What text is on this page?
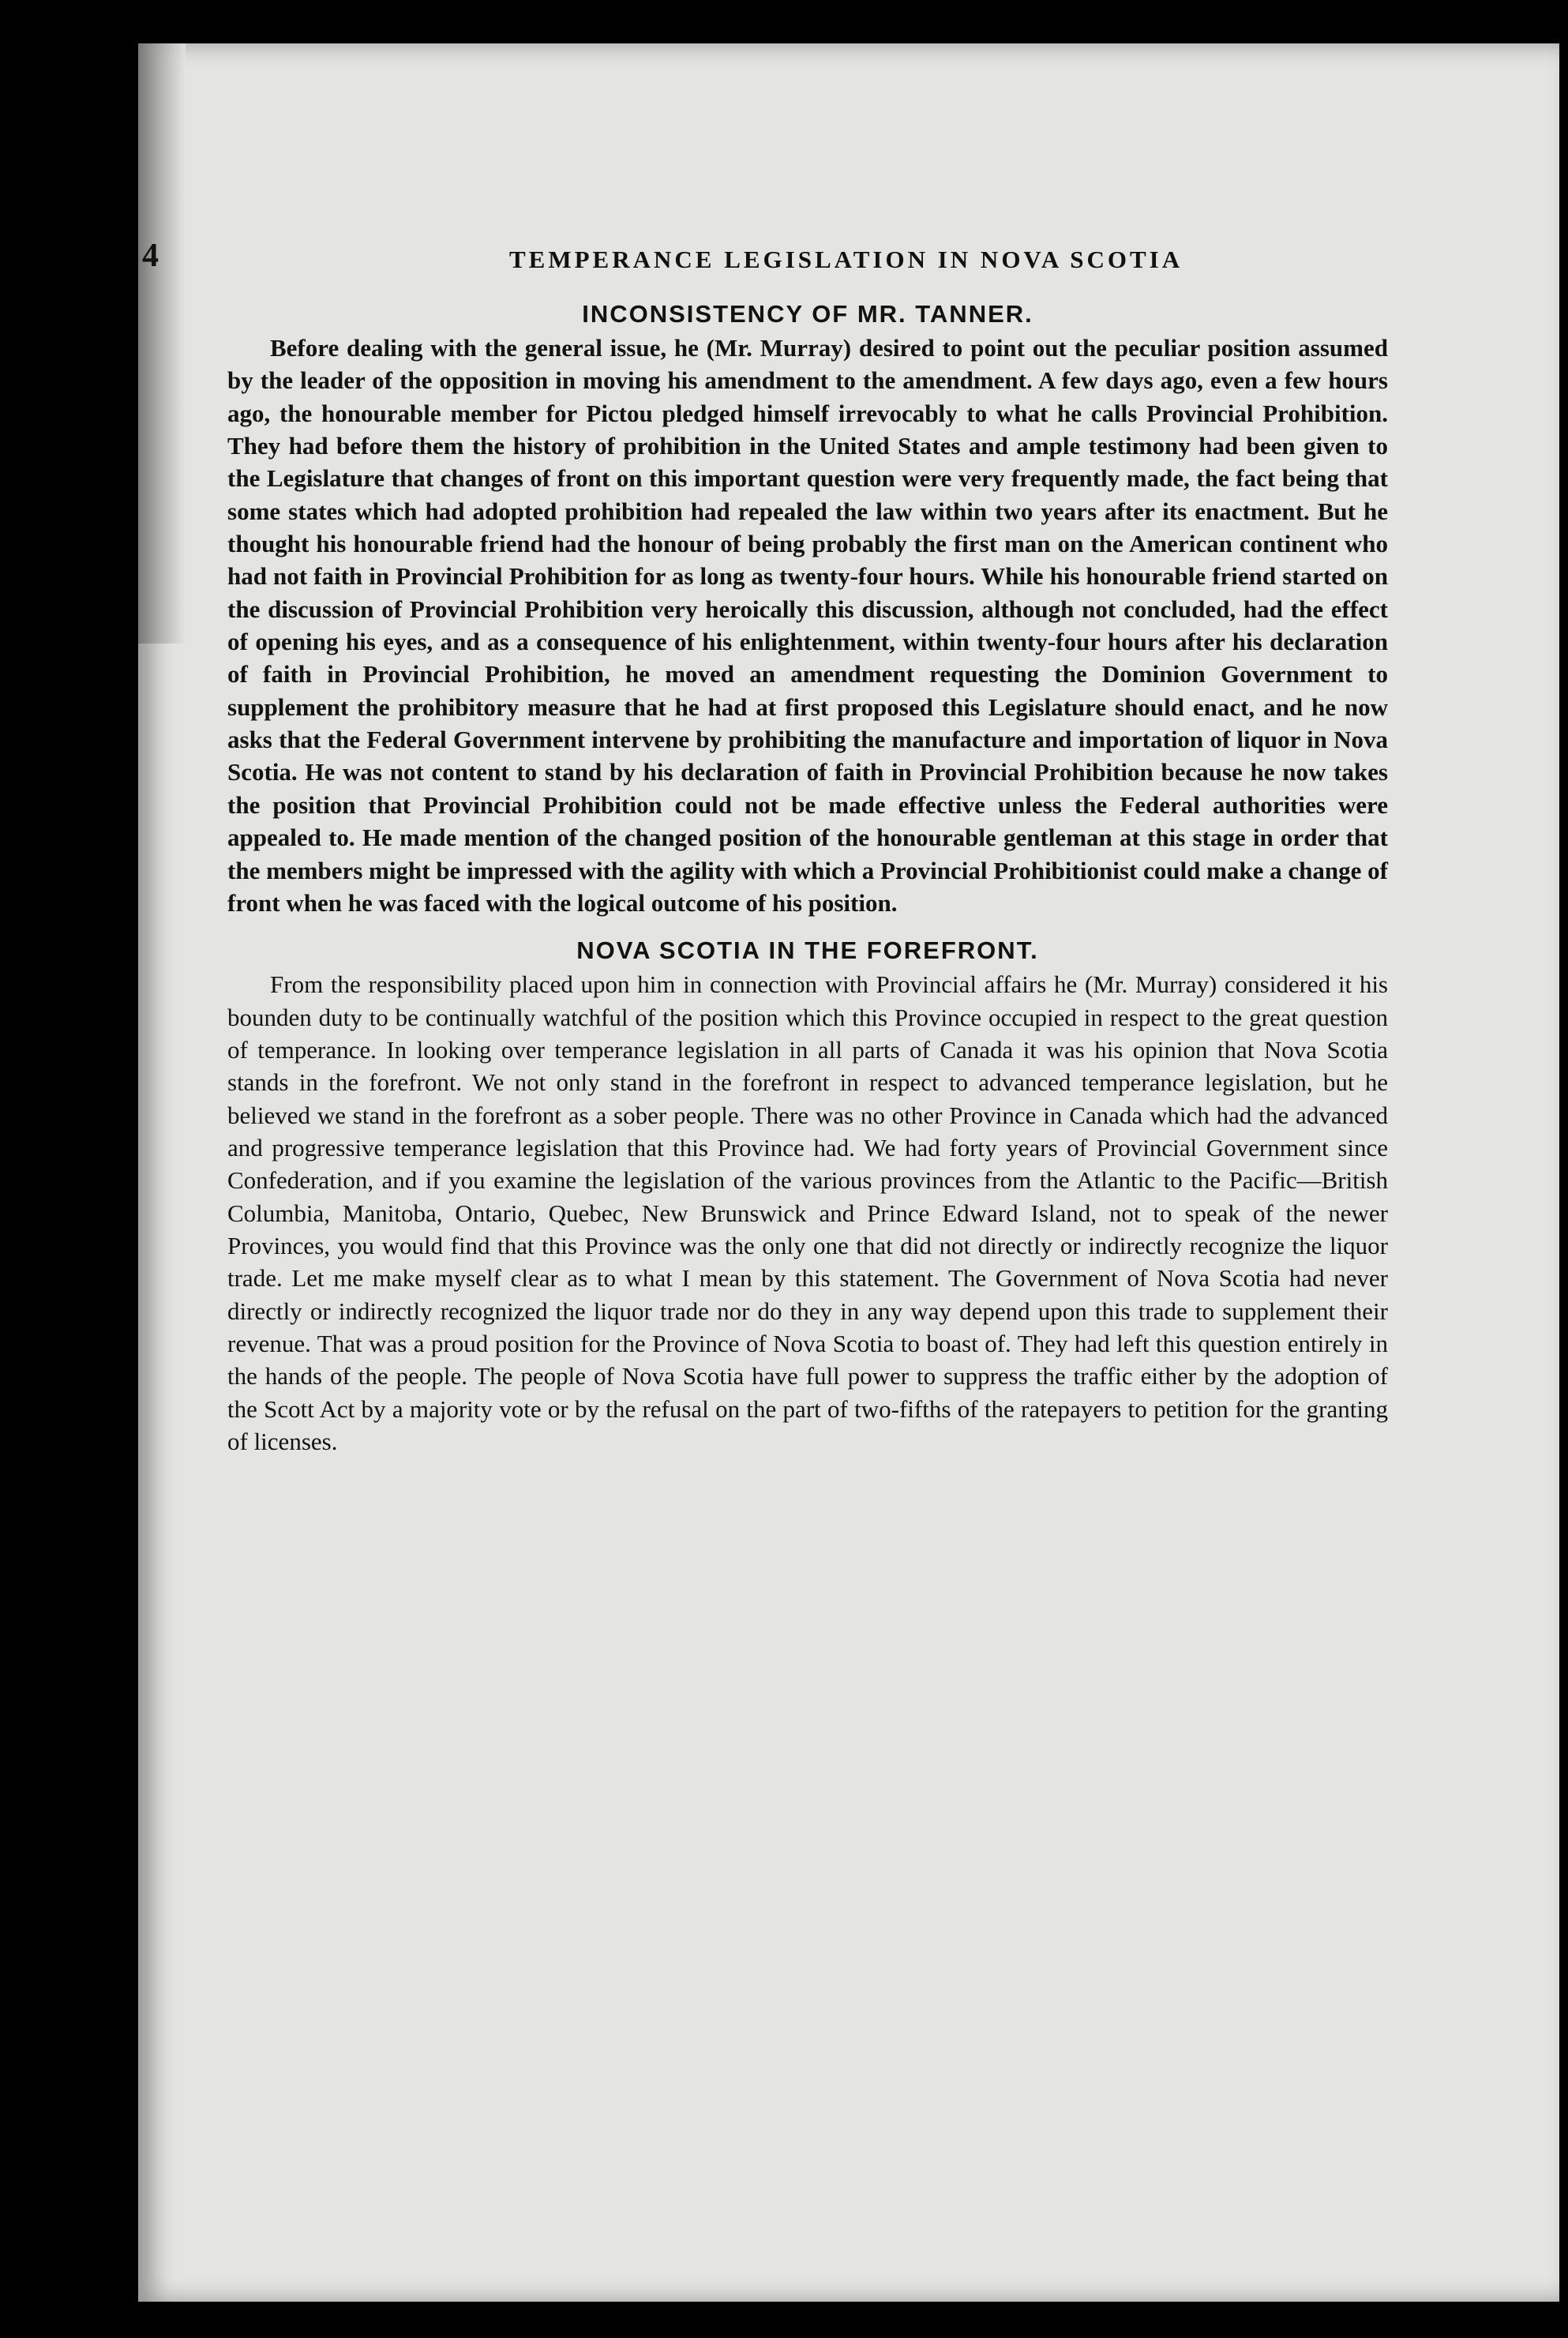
4	TEMPERANCE LEGISLATION IN NOVA SCOTIA
INCONSISTENCY OF MR. TANNER.

Before dealing with the general issue, he (Mr. Murray) desired to point out the peculiar position assumed by the leader of the opposition in moving his amendment to the amendment. A few days ago, even a few hours ago, the honourable member for Pictou pledged himself irrevocably to what he calls Provincial Prohibition. They had before them the history of prohibition in the United States and ample testimony had been given to the Legislature that changes of front on this important question were very frequently made, the fact being that some states which had adopted prohibition had repealed the law within two years after its enactment. But he thought his honourable friend had the honour of being probably the first man on the American continent who had not faith in Provincial Prohibition for as long as twenty-four hours. While his honourable friend started on the discussion of Provincial Prohibition very heroically this discussion, although not concluded, had the effect of opening his eyes, and as a consequence of his enlightenment, within twenty-four hours after his declaration of faith in Provincial Prohibition, he moved an amendment requesting the Dominion Government to supplement the prohibitory measure that he had at first proposed this Legislature should enact, and he now asks that the Federal Government intervene by prohibiting the manufacture and importation of liquor in Nova Scotia. He was not content to stand by his declaration of faith in Provincial Prohibition because he now takes the position that Provincial Prohibition could not be made effective unless the Federal authorities were appealed to. He made mention of the changed position of the honourable gentleman at this stage in order that the members might be impressed with the agility with which a Provincial Prohibitionist could make a change of front when he was faced with the logical outcome of his position.

NOVA SCOTIA IN THE FOREFRONT.

From the responsibility placed upon him in connection with Provincial affairs he (Mr. Murray) considered it his bounden duty to be continually watchful of the position which this Province occupied in respect to the great question of temperance. In looking over temperance legislation in all parts of Canada it was his opinion that Nova Scotia stands in the forefront. We not only stand in the forefront in respect to advanced temperance legislation, but he believed we stand in the forefront as a sober people. There was no other Province in Canada which had the advanced and progressive temperance legislation that this Province had. We had forty years of Provincial Government since Confederation, and if you examine the legislation of the various provinces from the Atlantic to the Pacific—British Columbia, Manitoba, Ontario, Quebec, New Brunswick and Prince Edward Island, not to speak of the newer Provinces, you would find that this Province was the only one that did not directly or indirectly recognize the liquor trade. Let me make myself clear as to what I mean by this statement. The Government of Nova Scotia had never directly or indirectly recognized the liquor trade nor do they in any way depend upon this trade to supplement their revenue. That was a proud position for the Province of Nova Scotia to boast of. They had left this question entirely in the hands of the people. The people of Nova Scotia have full power to suppress the traffic either by the adoption of the Scott Act by a majority vote or by the refusal on the part of two-fifths of the ratepayers to petition for the granting of licenses.
